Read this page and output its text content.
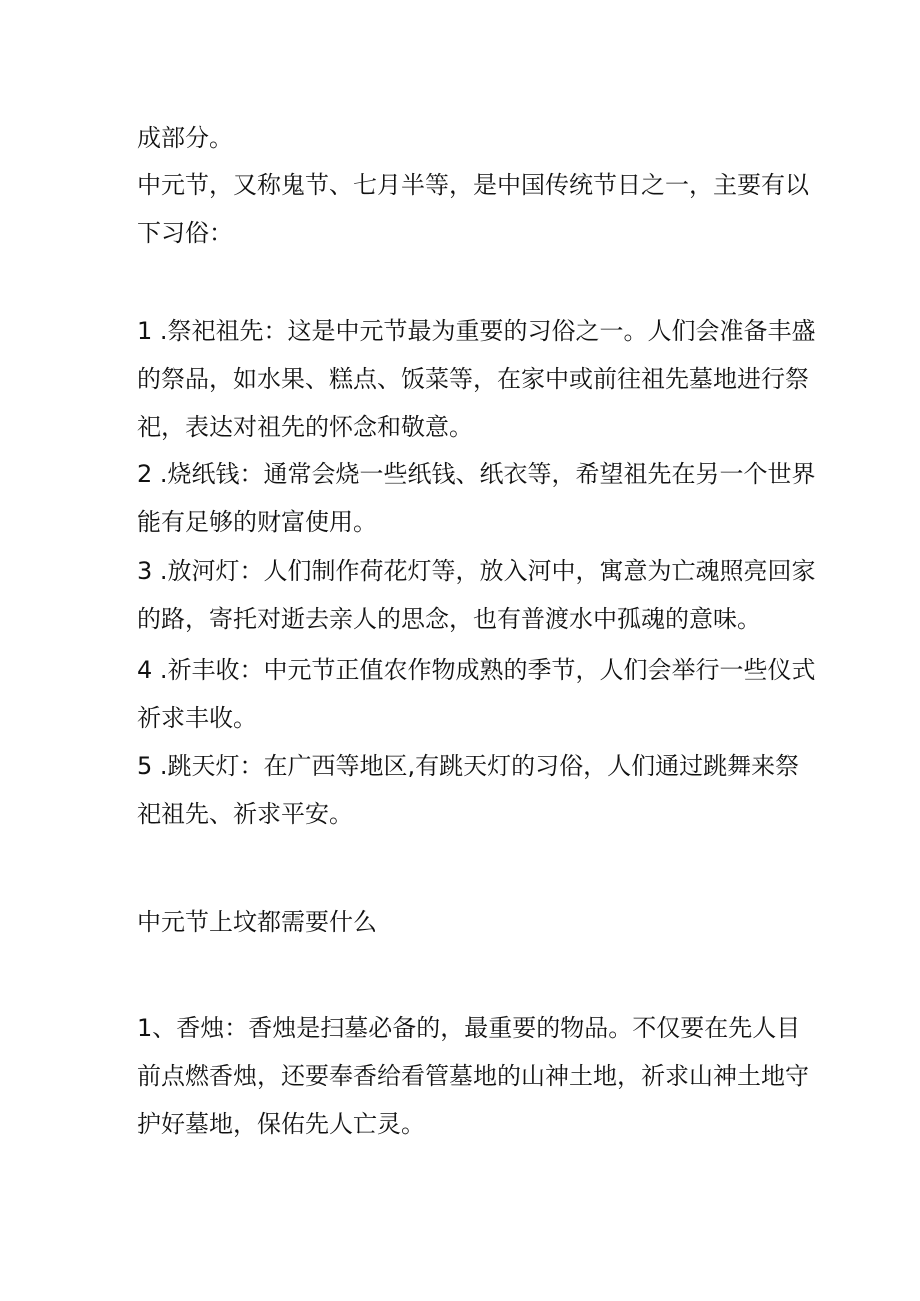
成部分。
中元节，又称鬼节、七月半等，是中国传统节日之一，主要有以
下习俗：
1 .祭祀祖先：这是中元节最为重要的习俗之一。人们会准备丰盛
的祭品，如水果、糕点、饭菜等，在家中或前往祖先墓地进行祭
祀，表达对祖先的怀念和敬意。
2 .烧纸钱：通常会烧一些纸钱、纸衣等，希望祖先在另一个世界
能有足够的财富使用。
3 .放河灯：人们制作荷花灯等，放入河中，寓意为亡魂照亮回家
的路，寄托对逝去亲人的思念，也有普渡水中孤魂的意味。
4 .祈丰收：中元节正值农作物成熟的季节，人们会举行一些仪式
祈求丰收。
5 .跳天灯：在广西等地区,有跳天灯的习俗，人们通过跳舞来祭
祀祖先、祈求平安。
中元节上坟都需要什么
1、香烛：香烛是扫墓必备的，最重要的物品。不仅要在先人目
前点燃香烛，还要奉香给看管墓地的山神土地，祈求山神土地守
护好墓地，保佑先人亡灵。
